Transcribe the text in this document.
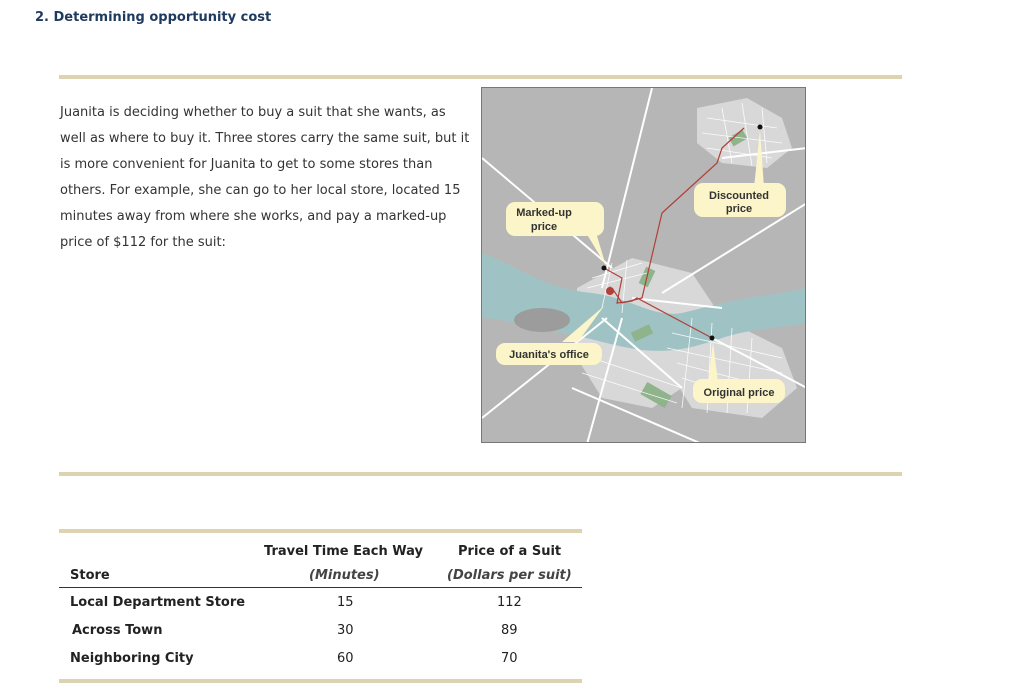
2. Determining opportunity cost
Juanita is deciding whether to buy a suit that she wants, as well as where to buy it. Three stores carry the same suit, but it is more convenient for Juanita to get to some stores than others. For example, she can go to her local store, located 15 minutes away from where she works, and pay a marked-up price of $112 for the suit:
Marked-up
price
Discounted
price
Juanita's office
Original price
Travel Time Each Way	Price of a Suit
Store	(Minutes)	(Dollars per suit)
Local Department Store	15	112
Across Town	30	89
Neighboring City	60	70
